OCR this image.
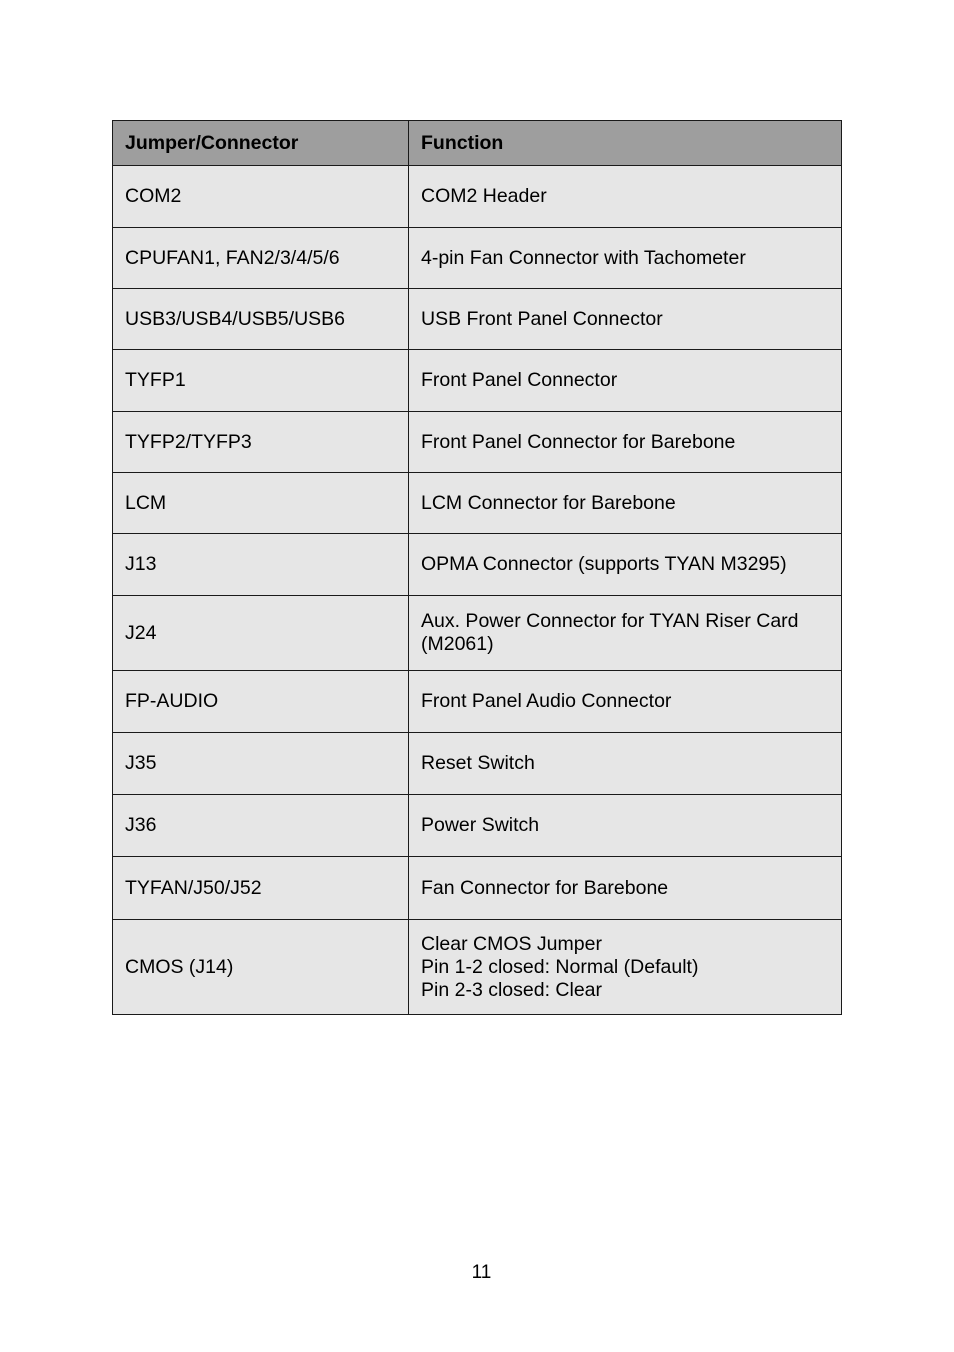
Jumper/Connector	Function

COM2	COM2 Header

CPUFAN1, FAN2/3/4/5/6	4-pin Fan Connector with Tachometer

USB3/USB4/USB5/USB6	USB Front Panel Connector

TYFP1	Front Panel Connector

TYFP2/TYFP3	Front Panel Connector for Barebone

LCM	LCM Connector for Barebone

J13	OPMA Connector (supports TYAN M3295)

J24	Aux. Power Connector for TYAN Riser Card
(M2061)

FP-AUDIO	Front Panel Audio Connector

J35	Reset Switch

J36	Power Switch

TYFAN/J50/J52	Fan Connector for Barebone

CMOS (J14)	Clear CMOS Jumper
Pin 1-2 closed: Normal (Default)
Pin 2-3 closed: Clear
11
